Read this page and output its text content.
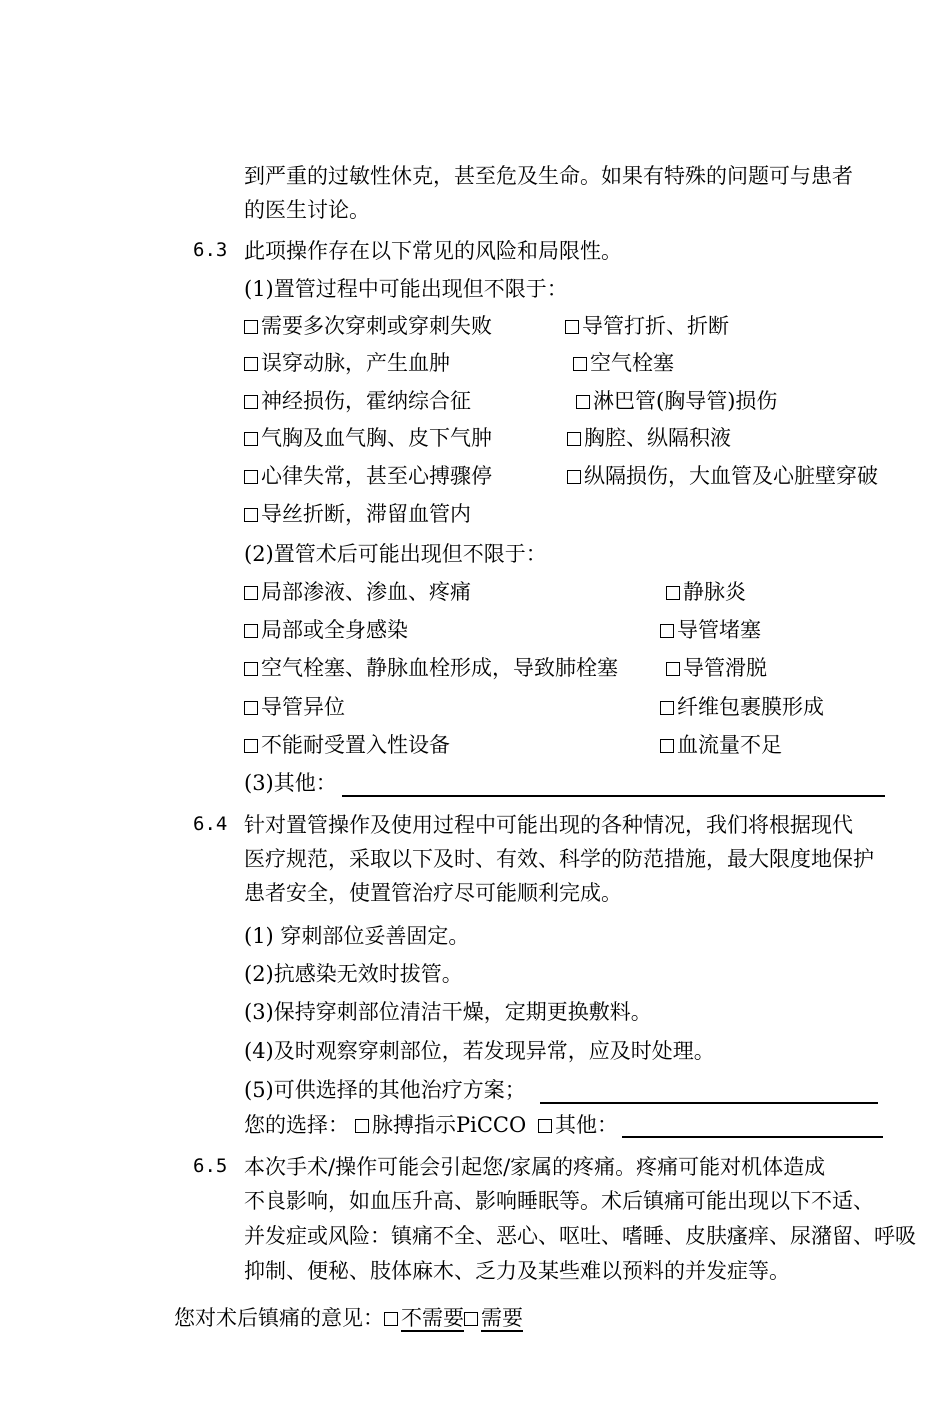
到严重的过敏性休克，甚至危及生命。如果有特殊的问题可与患者
的医生讨论。
6.3 此项操作存在以下常见的风险和局限性。
(1)置管过程中可能出现但不限于：
需要多次穿刺或穿刺失败	导管打折、折断
误穿动脉，产生血肿	空气栓塞
神经损伤，霍纳综合征	淋巴管(胸导管)损伤
气胸及血气胸、皮下气肿	胸腔、纵隔积液
心律失常，甚至心搏骤停	纵隔损伤，大血管及心脏壁穿破
导丝折断，滞留血管内
(2)置管术后可能出现但不限于：
局部渗液、渗血、疼痛	静脉炎
局部或全身感染	导管堵塞
空气栓塞、静脉血栓形成，导致肺栓塞	导管滑脱
导管异位	纤维包裹膜形成
不能耐受置入性设备	血流量不足
(3)其他：
6.4 针对置管操作及使用过程中可能出现的各种情况，我们将根据现代
医疗规范，采取以下及时、有效、科学的防范措施，最大限度地保护
患者安全，使置管治疗尽可能顺利完成。
(1) 穿刺部位妥善固定。
(2)抗感染无效时拔管。
(3)保持穿刺部位清洁干燥，定期更换敷料。
(4)及时观察穿刺部位，若发现异常，应及时处理。
(5)可供选择的其他治疗方案；
您的选择：	脉搏指示PiCCO	其他：
6.5 本次手术/操作可能会引起您/家属的疼痛。疼痛可能对机体造成
不良影响，如血压升高、影响睡眠等。术后镇痛可能出现以下不适、
并发症或风险：镇痛不全、恶心、呕吐、嗜睡、皮肤瘙痒、尿潴留、呼吸
抑制、便秘、肢体麻木、乏力及某些难以预料的并发症等。
您对术后镇痛的意见： 不需要 需要
